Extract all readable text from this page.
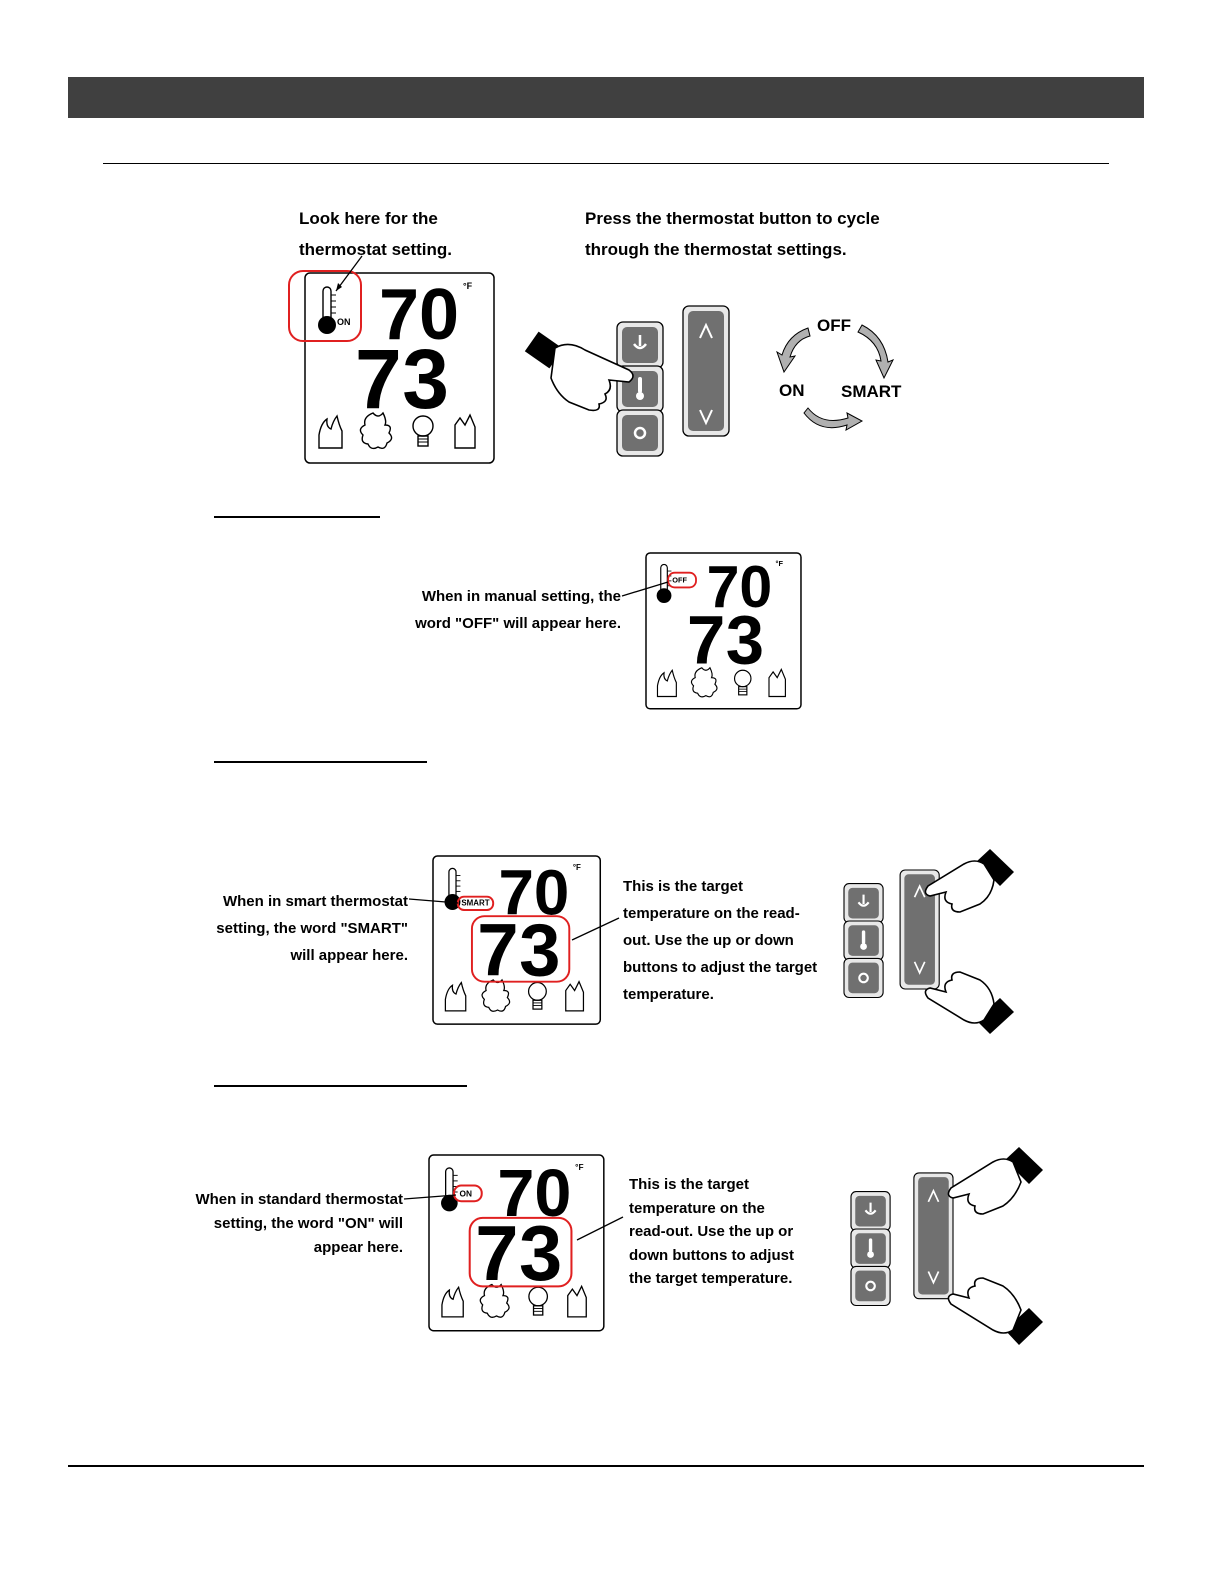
Look here for the
thermostat setting.
Press the thermostat button to cycle
through the thermostat settings.
When in manual setting, the
word "OFF" will appear here.
When in smart thermostat
setting, the word "SMART"
will appear here.
This is the target
temperature on the read-
out. Use the up or down
buttons to adjust the target
temperature.
When in standard thermostat
setting, the word "ON" will
appear here.
This is the target
temperature on the
read-out. Use the up or
down buttons to adjust
the target temperature.
70 °F
73
ON	OFF
ON SMART
70 °F
73
OFF
70 °F
73
SMART
70 °F
73
ON
